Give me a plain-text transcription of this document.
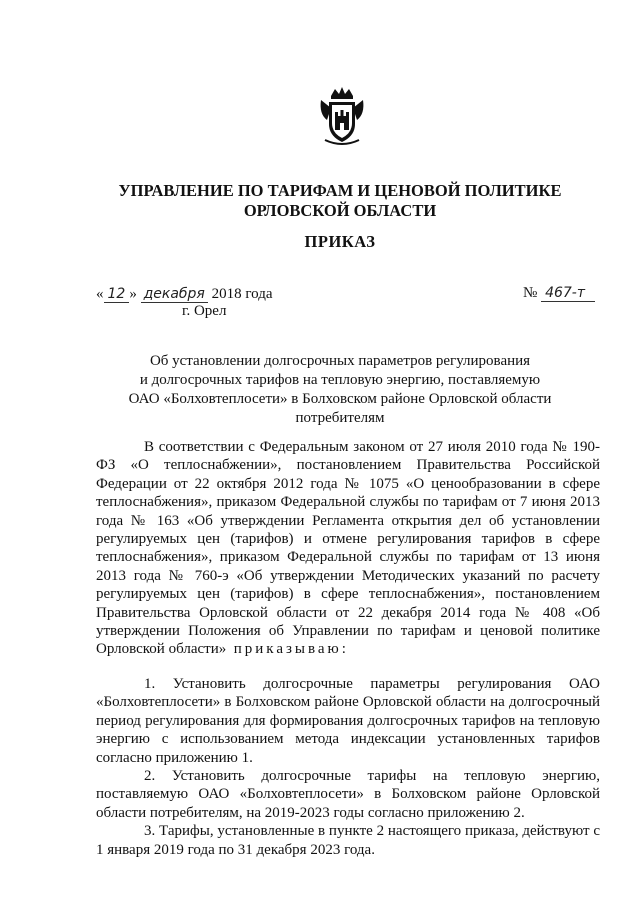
УПРАВЛЕНИЕ ПО ТАРИФАМ И ЦЕНОВОЙ ПОЛИТИКЕ
ОРЛОВСКОЙ ОБЛАСТИ
ПРИКАЗ
« 12 » декабря 2018 года
г. Орел
№ 467-т
Об установлении долгосрочных параметров регулирования
и долгосрочных тарифов на тепловую энергию, поставляемую
ОАО «Болховтеплосети» в Болховском районе Орловской области
потребителям

В соответствии с Федеральным законом от 27 июля 2010 года № 190-ФЗ «О теплоснабжении», постановлением Правительства Российской Федерации от 22 октября 2012 года № 1075 «О ценообразовании в сфере теплоснабжения», приказом Федеральной службы по тарифам от 7 июня 2013 года № 163 «Об утверждении Регламента открытия дел об установлении регулируемых цен (тарифов) и отмене регулирования тарифов в сфере теплоснабжения», приказом Федеральной службы по тарифам от 13 июня 2013 года № 760-э «Об утверждении Методических указаний по расчету регулируемых цен (тарифов) в сфере теплоснабжения», постановлением Правительства Орловской области от 22 декабря 2014 года № 408 «Об утверждении Положения об Управлении по тарифам и ценовой политике Орловской области» приказываю:

1. Установить долгосрочные параметры регулирования ОАО «Болховтеплосети» в Болховском районе Орловской области на долгосрочный период регулирования для формирования долгосрочных тарифов на тепловую энергию с использованием метода индексации установленных тарифов согласно приложению 1.

2. Установить долгосрочные тарифы на тепловую энергию, поставляемую ОАО «Болховтеплосети» в Болховском районе Орловской области потребителям, на 2019-2023 годы согласно приложению 2.

3. Тарифы, установленные в пункте 2 настоящего приказа, действуют с 1 января 2019 года по 31 декабря 2023 года.
